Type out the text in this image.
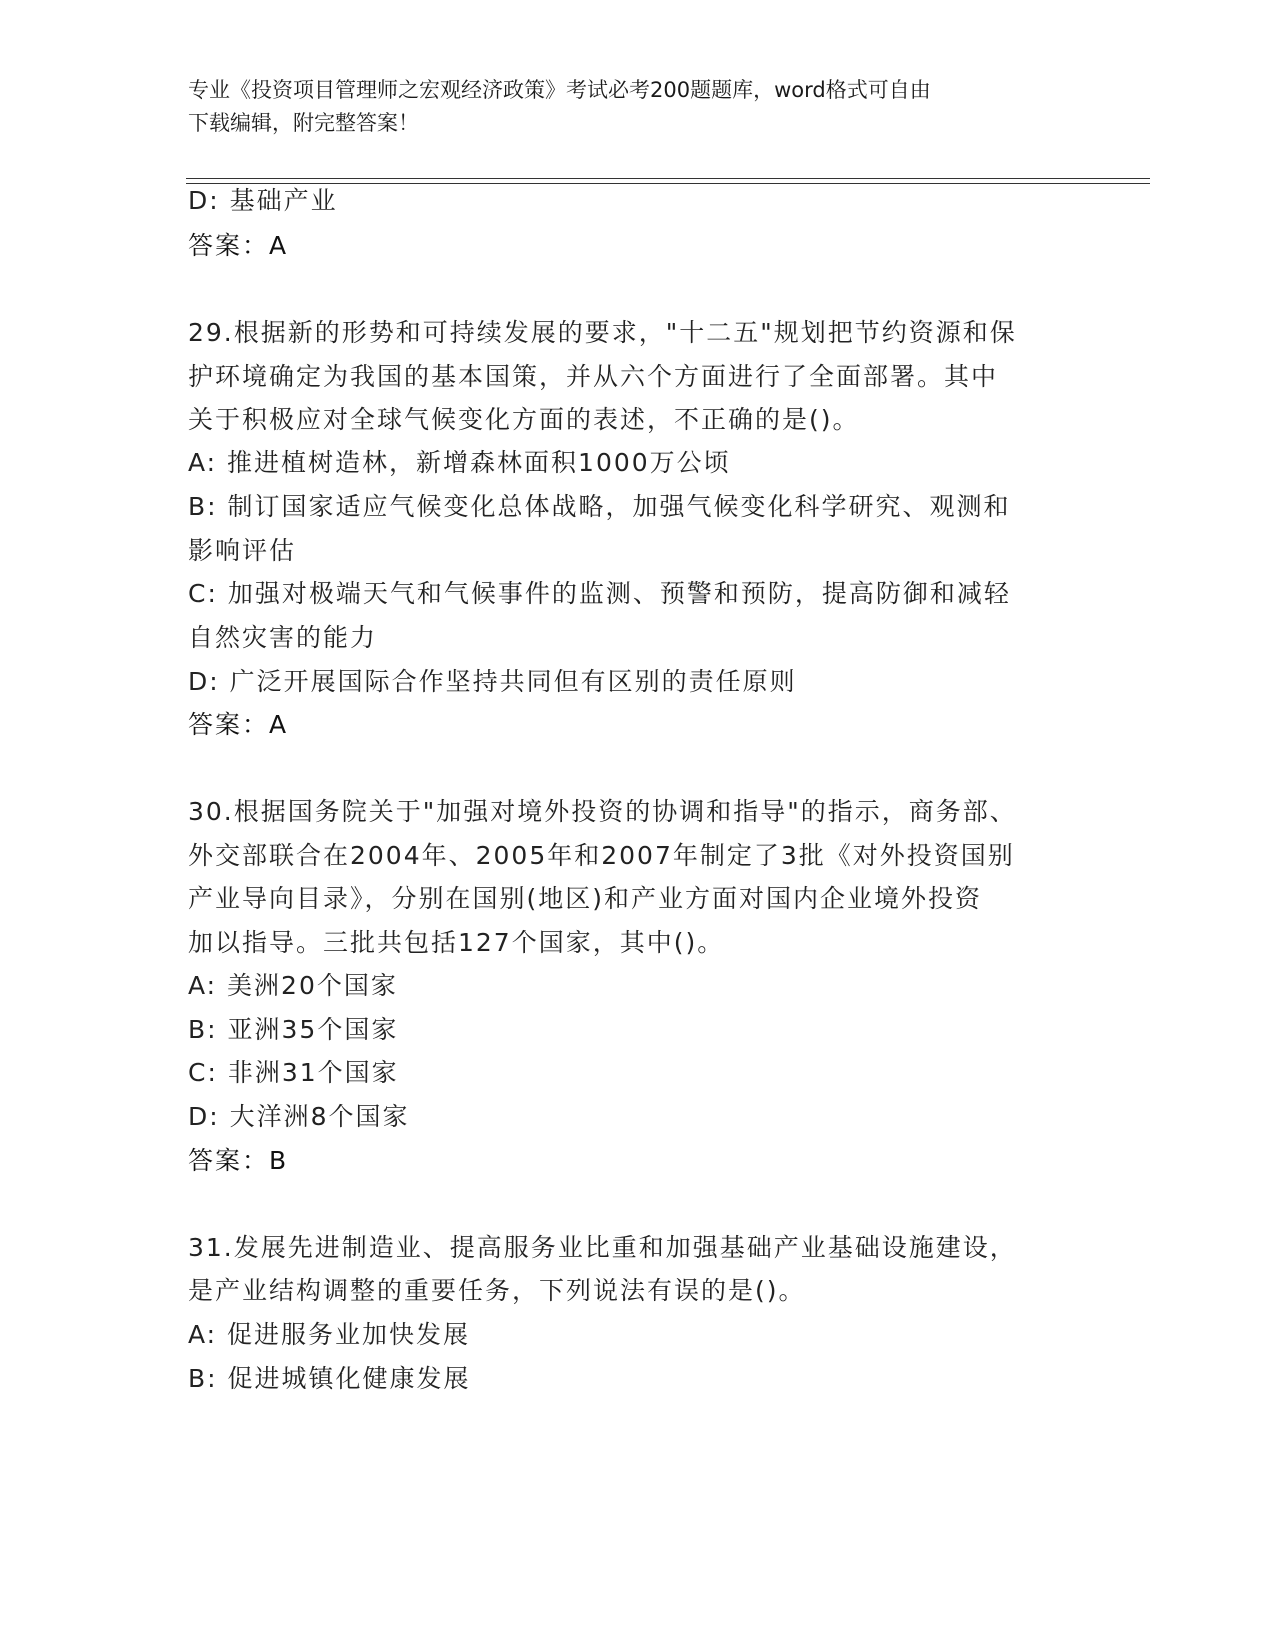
专业《投资项目管理师之宏观经济政策》考试必考200题题库，word格式可自由
下载编辑，附完整答案！
D: 基础产业
答案：A
29.根据新的形势和可持续发展的要求，"十二五"规划把节约资源和保
护环境确定为我国的基本国策，并从六个方面进行了全面部署。其中
关于积极应对全球气候变化方面的表述，不正确的是()。
A: 推进植树造林，新增森林面积1000万公顷
B: 制订国家适应气候变化总体战略，加强气候变化科学研究、观测和
影响评估
C: 加强对极端天气和气候事件的监测、预警和预防，提高防御和减轻
自然灾害的能力
D: 广泛开展国际合作坚持共同但有区别的责任原则
答案：A
30.根据国务院关于"加强对境外投资的协调和指导"的指示，商务部、
外交部联合在2004年、2005年和2007年制定了3批《对外投资国别
产业导向目录》，分别在国别(地区)和产业方面对国内企业境外投资
加以指导。三批共包括127个国家，其中()。
A: 美洲20个国家
B: 亚洲35个国家
C: 非洲31个国家
D: 大洋洲8个国家
答案：B
31.发展先进制造业、提高服务业比重和加强基础产业基础设施建设，
是产业结构调整的重要任务，下列说法有误的是()。
A: 促进服务业加快发展
B: 促进城镇化健康发展
